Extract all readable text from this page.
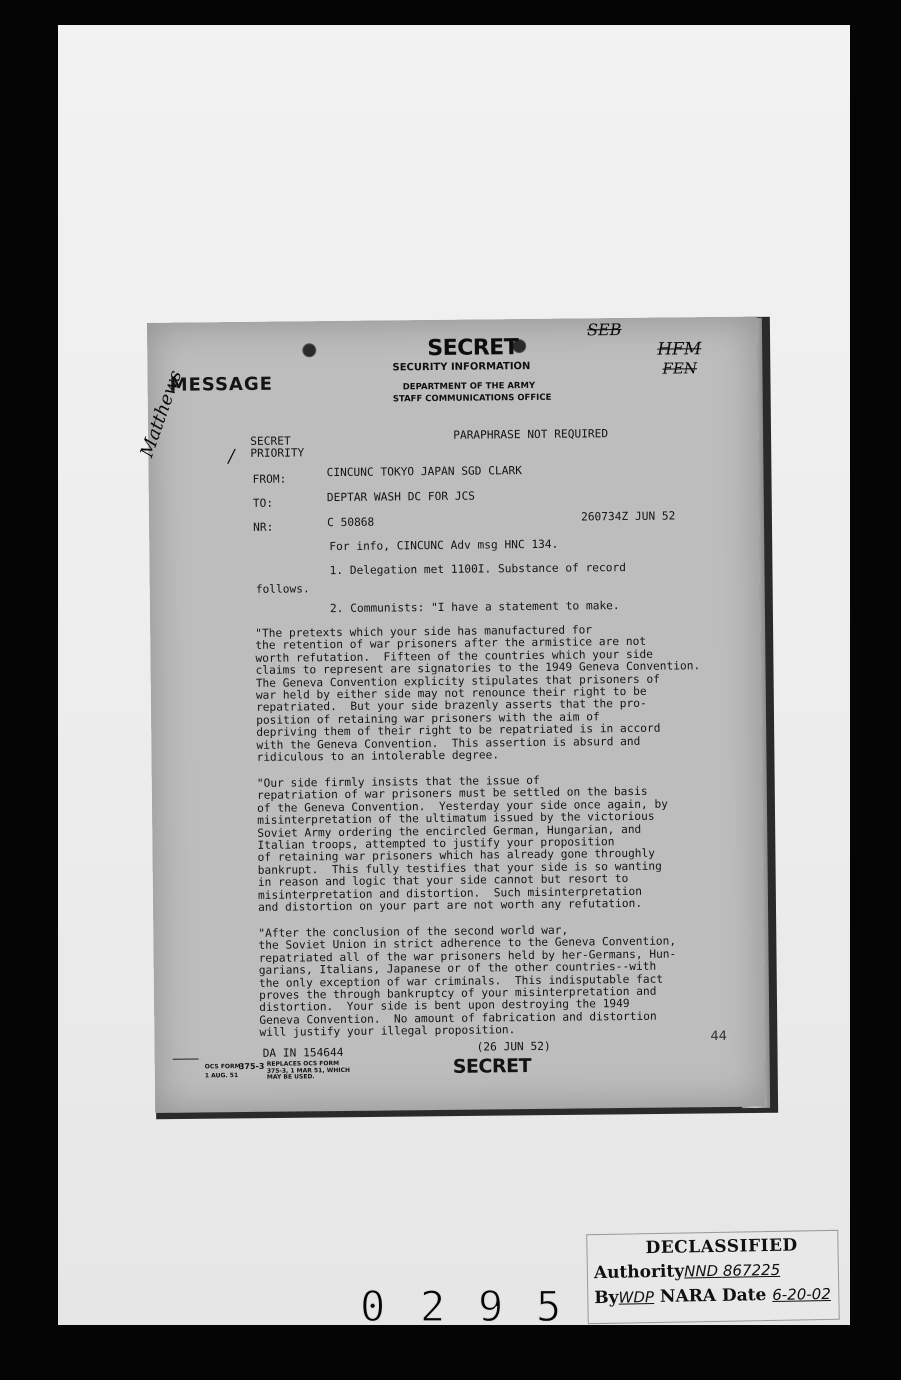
SECRET
SECURITY INFORMATION
DEPARTMENT OF THE ARMY
STAFF COMMUNICATIONS OFFICE
MESSAGE
SEB
HFM
FEN
Matthews /
SECRET
PRIORITY
PARAPHRASE NOT REQUIRED
FROM:
CINCUNC TOKYO JAPAN SGD CLARK
TO:	DEPTAR WASH DC FOR JCS
NR:	C 50868	260734Z JUN 52
For info, CINCUNC Adv msg HNC 134.
1. Delegation met 1100I. Substance of record
follows.
2. Communists: "I have a statement to make.
"The pretexts which your side has manufactured for
the retention of war prisoners after the armistice are not
worth refutation.  Fifteen of the countries which your side
claims to represent are signatories to the 1949 Geneva Convention.
The Geneva Convention explicity stipulates that prisoners of
war held by either side may not renounce their right to be
repatriated.  But your side brazenly asserts that the pro-
position of retaining war prisoners with the aim of
depriving them of their right to be repatriated is in accord
with the Geneva Convention.  This assertion is absurd and
ridiculous to an intolerable degree.
"Our side firmly insists that the issue of
repatriation of war prisoners must be settled on the basis
of the Geneva Convention.  Yesterday your side once again, by
misinterpretation of the ultimatum issued by the victorious
Soviet Army ordering the encircled German, Hungarian, and
Italian troops, attempted to justify your proposition
of retaining war prisoners which has already gone throughly
bankrupt.  This fully testifies that your side is so wanting
in reason and logic that your side cannot but resort to
misinterpretation and distortion.  Such misinterpretation
and distortion on your part are not worth any refutation.
"After the conclusion of the second world war,
the Soviet Union in strict adherence to the Geneva Convention,
repatriated all of the war prisoners held by her-Germans, Hun-
garians, Italians, Japanese or of the other countries--with
the only exception of war criminals.  This indisputable fact
proves the through bankruptcy of your misinterpretation and
distortion.  Your side is bent upon destroying the 1949
Geneva Convention.  No amount of fabrication and distortion
will justify your illegal proposition.
DA IN 154644	(26 JUN 52)
44
OCS FORM
1 AUG. 51
375-3 REPLACES OCS FORM
375-3, 1 MAR 51, WHICH
MAY BE USED.	SECRET
DECLASSIFIED
AuthorityNND 867225
ByWDP NARA Date 6-20-02
0 2 9 5
